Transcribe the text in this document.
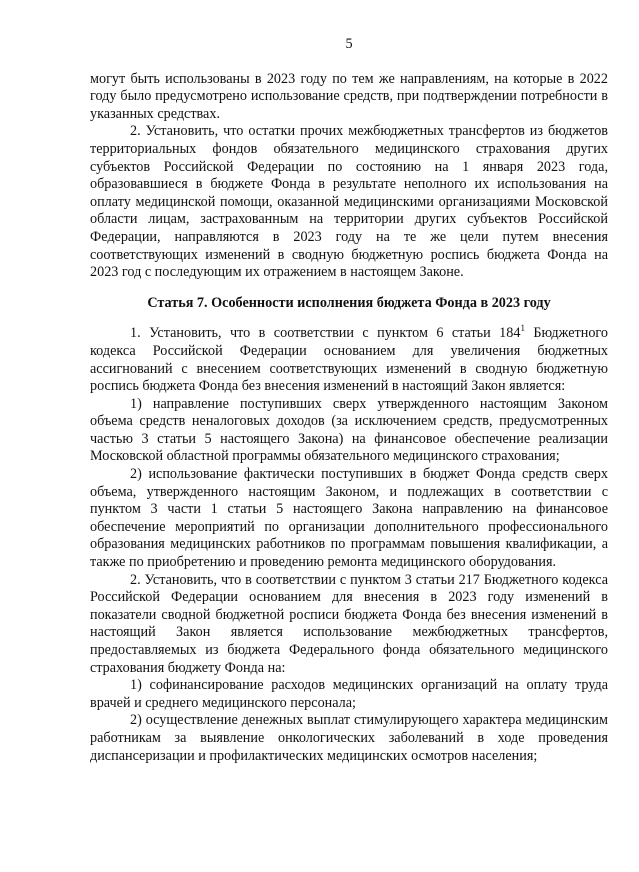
5

могут быть использованы в 2023 году по тем же направлениям, на которые в 2022 году было предусмотрено использование средств, при подтверждении потребности в указанных средствах.

2. Установить, что остатки прочих межбюджетных трансфертов из бюджетов территориальных фондов обязательного медицинского страхования других субъектов Российской Федерации по состоянию на 1 января 2023 года, образовавшиеся в бюджете Фонда в результате неполного их использования на оплату медицинской помощи, оказанной медицинскими организациями Московской области лицам, застрахованным на территории других субъектов Российской Федерации, направляются в 2023 году на те же цели путем внесения соответствующих изменений в сводную бюджетную роспись бюджета Фонда на 2023 год с последующим их отражением в настоящем Законе.

Статья 7. Особенности исполнения бюджета Фонда в 2023 году

1. Установить, что в соответствии с пунктом 6 статьи $184^1$ Бюджетного кодекса Российской Федерации основанием для увеличения бюджетных ассигнований с внесением соответствующих изменений в сводную бюджетную роспись бюджета Фонда без внесения изменений в настоящий Закон является:

1) направление поступивших сверх утвержденного настоящим Законом объема средств неналоговых доходов (за исключением средств, предусмотренных частью 3 статьи 5 настоящего Закона) на финансовое обеспечение реализации Московской областной программы обязательного медицинского страхования;

2) использование фактически поступивших в бюджет Фонда средств сверх объема, утвержденного настоящим Законом, и подлежащих в соответствии с пунктом 3 части 1 статьи 5 настоящего Закона направлению на финансовое обеспечение мероприятий по организации дополнительного профессионального образования медицинских работников по программам повышения квалификации, а также по приобретению и проведению ремонта медицинского оборудования.

2. Установить, что в соответствии с пунктом 3 статьи 217 Бюджетного кодекса Российской Федерации основанием для внесения в 2023 году изменений в показатели сводной бюджетной росписи бюджета Фонда без внесения изменений в настоящий Закон является использование межбюджетных трансфертов, предоставляемых из бюджета Федерального фонда обязательного медицинского страхования бюджету Фонда на:

1) софинансирование расходов медицинских организаций на оплату труда врачей и среднего медицинского персонала;

2) осуществление денежных выплат стимулирующего характера медицинским работникам за выявление онкологических заболеваний в ходе проведения диспансеризации и профилактических медицинских осмотров населения;
